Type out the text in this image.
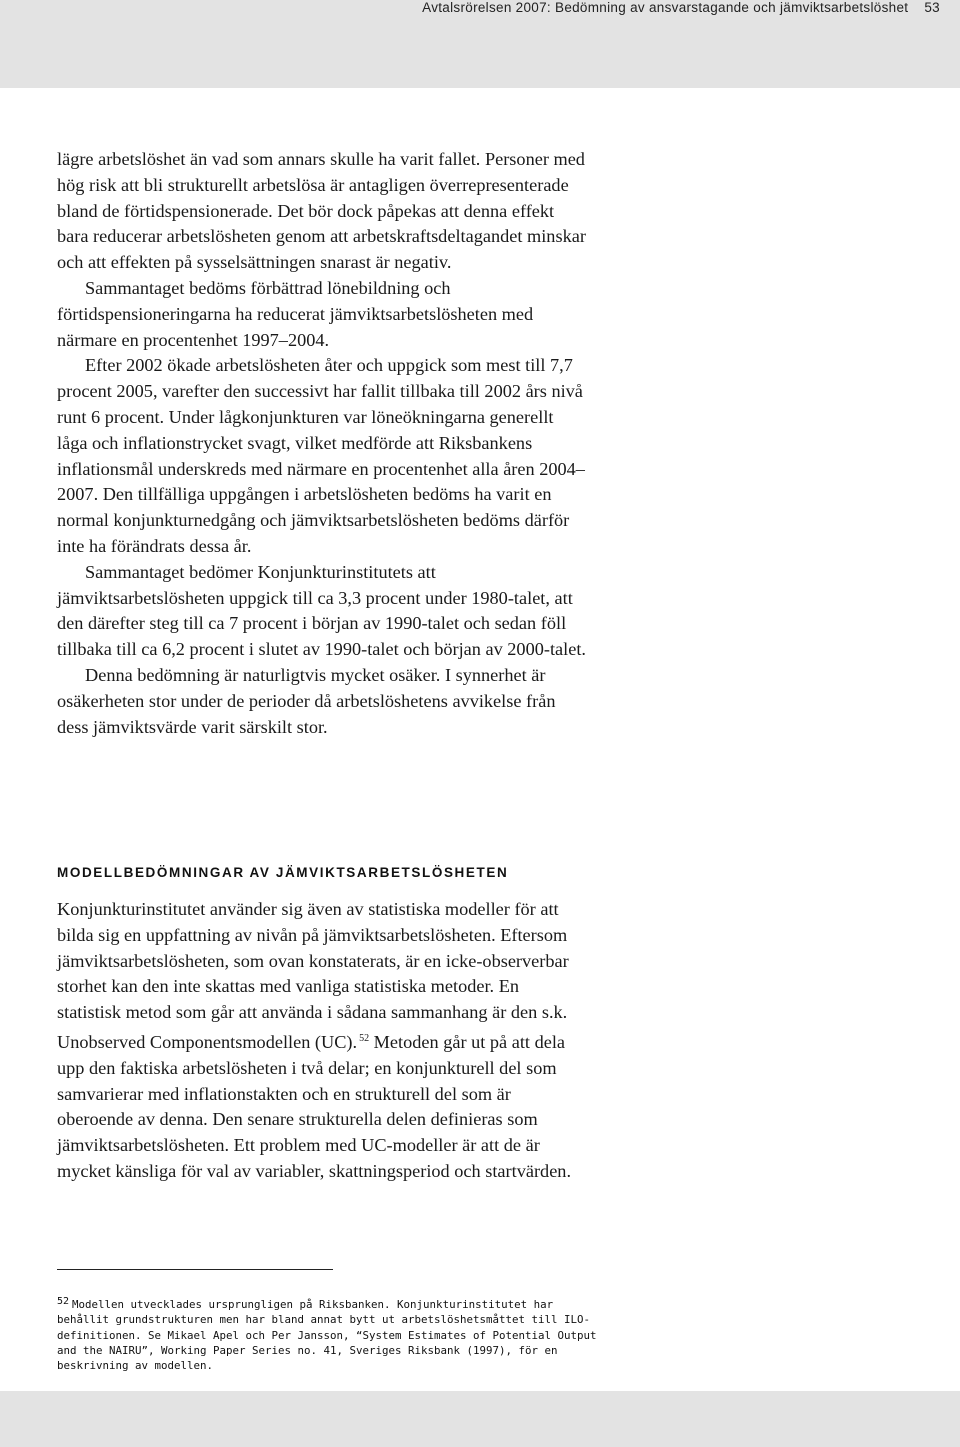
Avtalsrörelsen 2007: Bedömning av ansvarstagande och jämviktsarbetslöshet 53

lägre arbetslöshet än vad som annars skulle ha varit fallet. Personer med hög risk att bli strukturellt arbetslösa är antagligen överrepresenterade bland de förtidspensionerade. Det bör dock påpekas att denna effekt bara reducerar arbetslösheten genom att arbetskraftsdeltagandet minskar och att effekten på sysselsättningen snarast är negativ.

Sammantaget bedöms förbättrad lönebildning och förtidspensioneringarna ha reducerat jämviktsarbetslösheten med närmare en procentenhet 1997–2004.

Efter 2002 ökade arbetslösheten åter och uppgick som mest till 7,7 procent 2005, varefter den successivt har fallit tillbaka till 2002 års nivå runt 6 procent. Under lågkonjunkturen var löneökningarna generellt låga och inflationstrycket svagt, vilket medförde att Riksbankens inflationsmål underskreds med närmare en procentenhet alla åren 2004–2007. Den tillfälliga uppgången i arbetslösheten bedöms ha varit en normal konjunkturnedgång och jämviktsarbetslösheten bedöms därför inte ha förändrats dessa år.

Sammantaget bedömer Konjunkturinstitutets att jämviktsarbetslösheten uppgick till ca 3,3 procent under 1980-talet, att den därefter steg till ca 7 procent i början av 1990-talet och sedan föll tillbaka till ca 6,2 procent i slutet av 1990-talet och början av 2000-talet.

Denna bedömning är naturligtvis mycket osäker. I synnerhet är osäkerheten stor under de perioder då arbetslöshetens avvikelse från dess jämviktsvärde varit särskilt stor.

MODELLBEDÖMNINGAR AV JÄMVIKTSARBETSLÖSHETEN

Konjunkturinstitutet använder sig även av statistiska modeller för att bilda sig en uppfattning av nivån på jämviktsarbetslösheten. Eftersom jämviktsarbetslösheten, som ovan konstaterats, är en icke-observerbar storhet kan den inte skattas med vanliga statistiska metoder. En statistisk metod som går att använda i sådana sammanhang är den s.k. Unobserved Componentsmodellen (UC). $^{52}$ Metoden går ut på att dela upp den faktiska arbetslösheten i två delar; en konjunkturell del som samvarierar med inflationstakten och en strukturell del som är oberoende av denna. Den senare strukturella delen definieras som jämviktsarbetslösheten. Ett problem med UC-modeller är att de är mycket känsliga för val av variabler, skattningsperiod och startvärden.

52 Modellen utvecklades ursprungligen på Riksbanken. Konjunkturinstitutet har behållit grundstrukturen men har bland annat bytt ut arbetslöshetsmåttet till ILO-definitionen. Se Mikael Apel och Per Jansson, “System Estimates of Potential Output and the NAIRU”, Working Paper Series no. 41, Sveriges Riksbank (1997), för en beskrivning av modellen.
